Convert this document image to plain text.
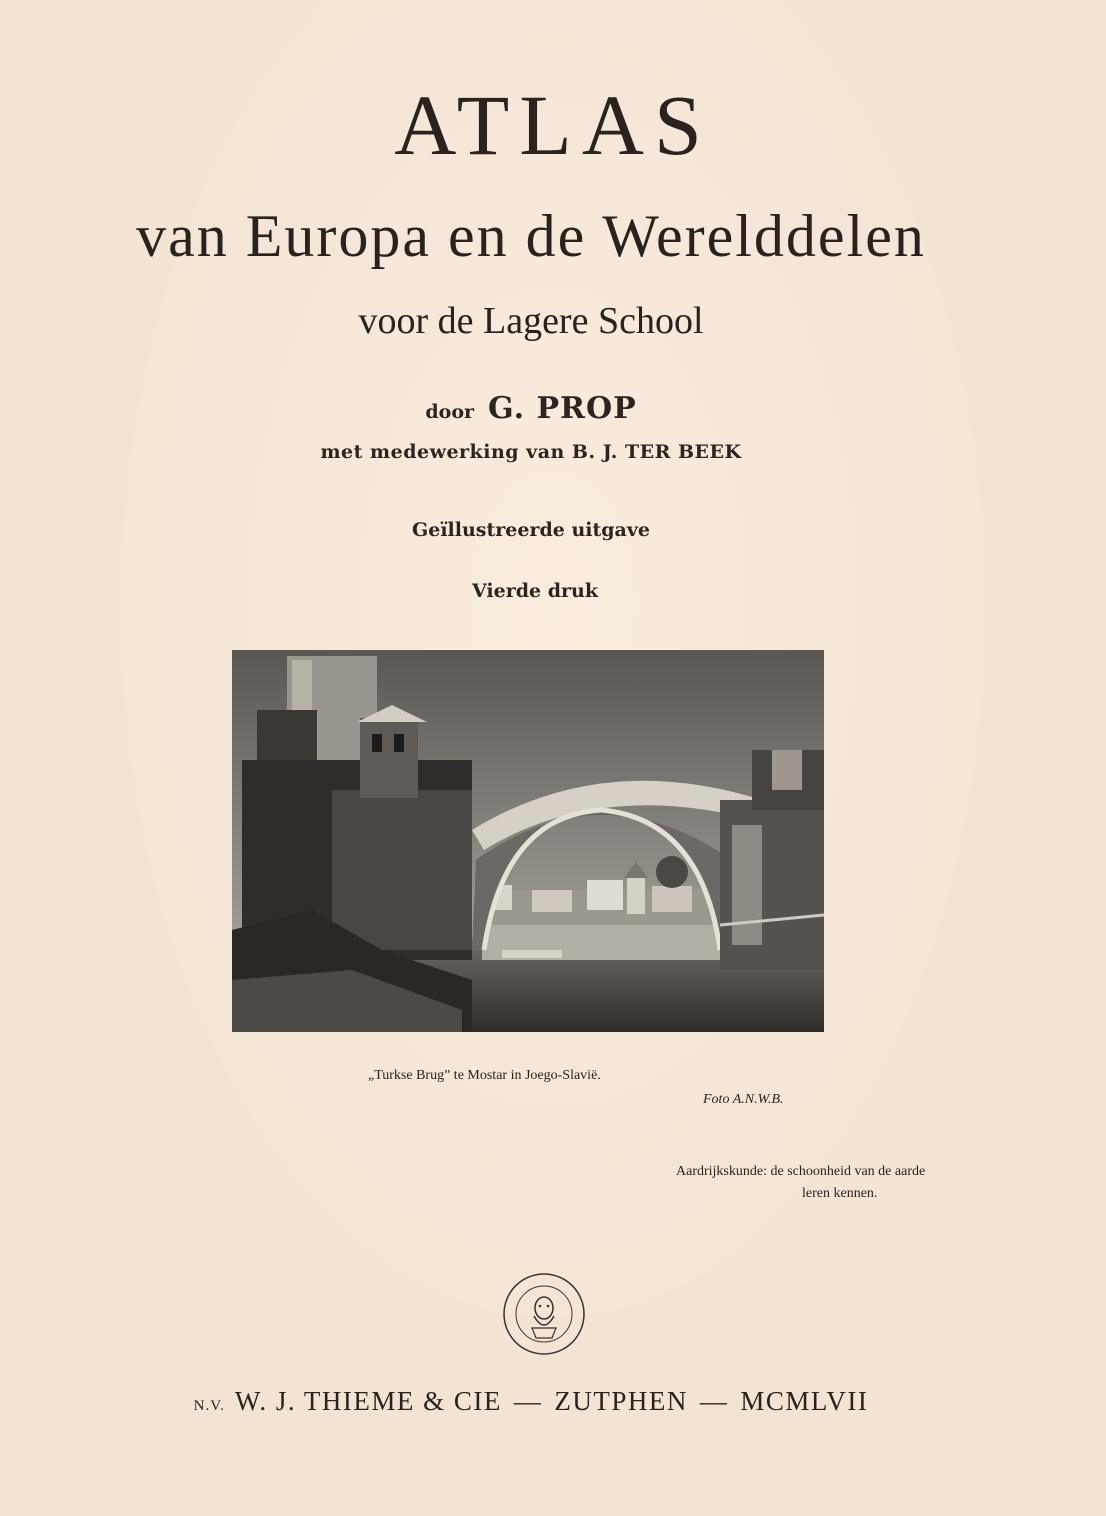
ATLAS
van Europa en de Werelddelen
voor de Lagere School
door G. PROP
met medewerking van B. J. TER BEEK
Geïllustreerde uitgave
Vierde druk
„Turkse Brug” te Mostar in Joego-Slavië.
Foto A.N.W.B.
Aardrijkskunde: de schoonheid van de aarde
leren kennen.
N.V. W. J. THIEME & CIE — ZUTPHEN — MCMLVII
